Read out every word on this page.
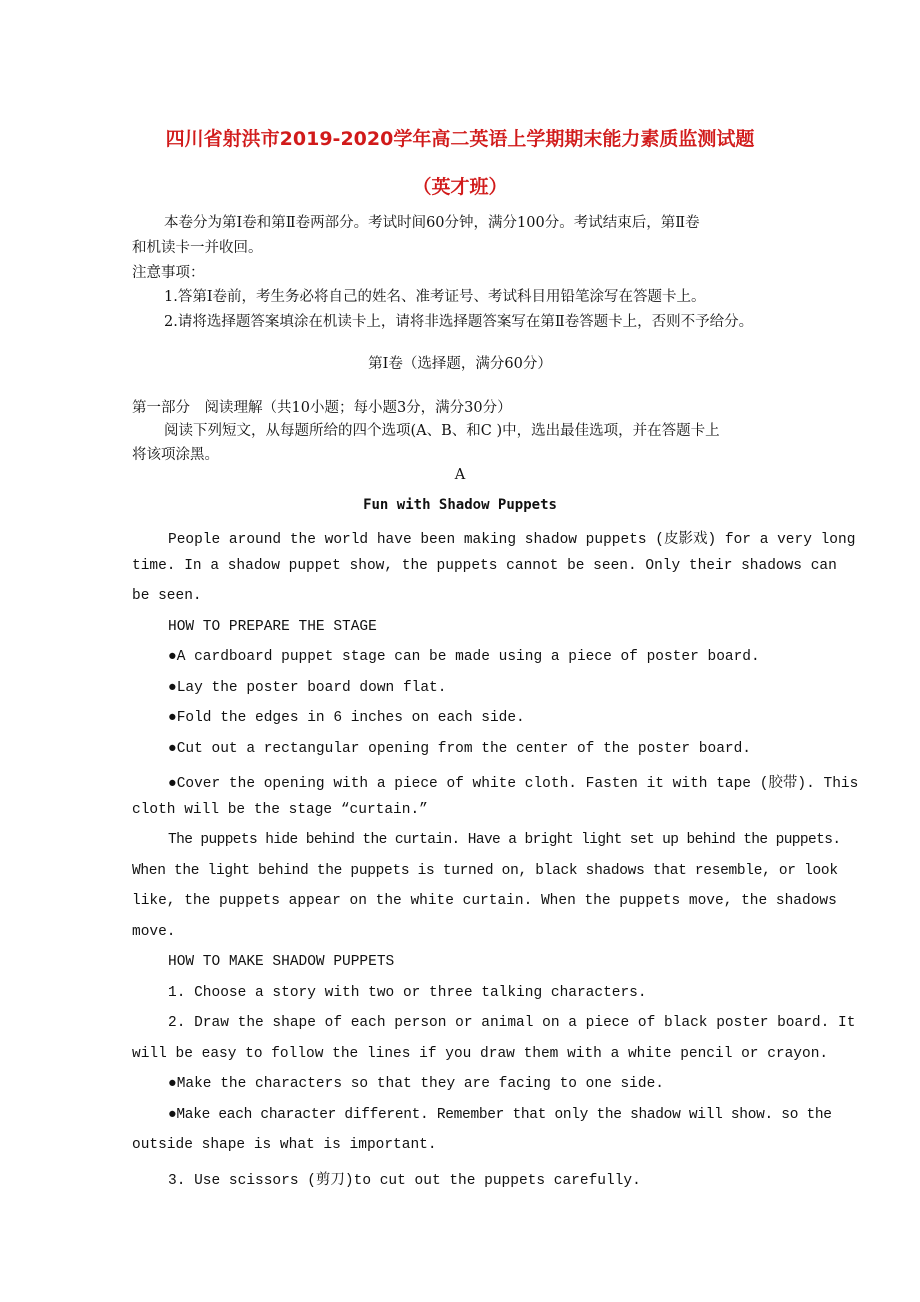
四川省射洪市2019-2020学年高二英语上学期期末能力素质监测试题
（英才班）
本卷分为第Ⅰ卷和第Ⅱ卷两部分。考试时间60分钟，满分100分。考试结束后，第Ⅱ卷
和机读卡一并收回。
注意事项：
1.答第Ⅰ卷前，考生务必将自己的姓名、准考证号、考试科目用铅笔涂写在答题卡上。
2.请将选择题答案填涂在机读卡上，请将非选择题答案写在第Ⅱ卷答题卡上，否则不予给分。
第Ⅰ卷（选择题，满分60分）
第一部分　阅读理解（共10小题；每小题3分，满分30分）
阅读下列短文，从每题所给的四个选项(A、B、和C )中，选出最佳选项，并在答题卡上
将该项涂黑。
A
Fun with Shadow Puppets
People around the world have been making shadow puppets (皮影戏) for a very long
time. In a shadow puppet show, the puppets cannot be seen. Only their shadows can
be seen.
HOW TO PREPARE THE STAGE
●A cardboard puppet stage can be made using a piece of poster board.
●Lay the poster board down flat.
●Fold the edges in 6 inches on each side.
●Cut out a rectangular opening from the center of the poster board.
●Cover the opening with a piece of white cloth. Fasten it with tape (胶带). This
cloth will be the stage “curtain.”
The puppets hide behind the curtain. Have a bright light set up behind the puppets.
When the light behind the puppets is turned on, black shadows that resemble, or look
like, the puppets appear on the white curtain. When the puppets move, the shadows
move.
HOW TO MAKE SHADOW PUPPETS
1. Choose a story with two or three talking characters.
2. Draw the shape of each person or animal on a piece of black poster board. It
will be easy to follow the lines if you draw them with a white pencil or crayon.
●Make the characters so that they are facing to one side.
●Make each character different. Remember that only the shadow will show. so the
outside shape is what is important.
3. Use scissors (剪刀)to cut out the puppets carefully.
